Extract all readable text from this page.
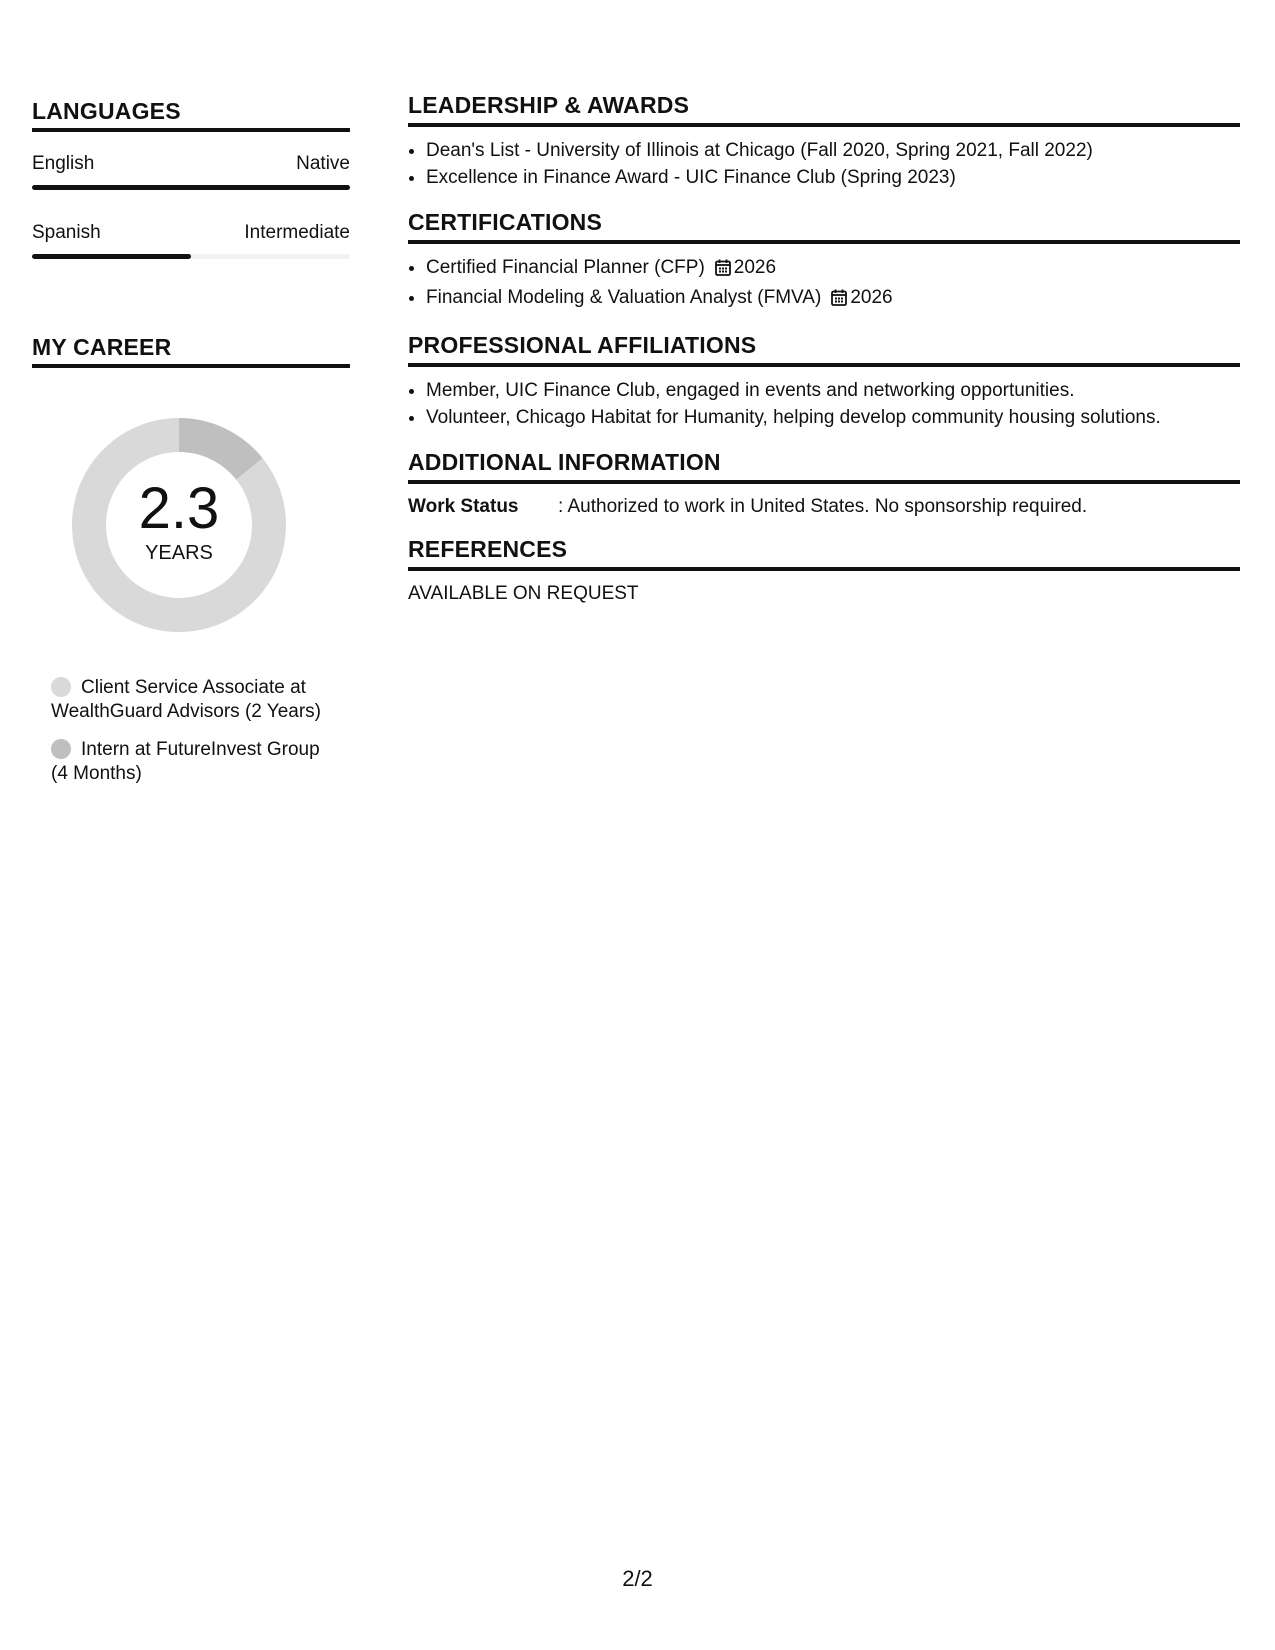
LANGUAGES
English	Native
Spanish	Intermediate
MY CAREER
2.3
YEARS
Client Service Associate at WealthGuard Advisors (2 Years)
Intern at FutureInvest Group (4 Months)
LEADERSHIP & AWARDS
• Dean's List - University of Illinois at Chicago (Fall 2020, Spring 2021, Fall 2022)
• Excellence in Finance Award - UIC Finance Club (Spring 2023)
CERTIFICATIONS
• Certified Financial Planner (CFP) 2026
• Financial Modeling & Valuation Analyst (FMVA) 2026
PROFESSIONAL AFFILIATIONS
• Member, UIC Finance Club, engaged in events and networking opportunities.
• Volunteer, Chicago Habitat for Humanity, helping develop community housing solutions.
ADDITIONAL INFORMATION
Work Status	: Authorized to work in United States. No sponsorship required.
REFERENCES
AVAILABLE ON REQUEST
2/2
